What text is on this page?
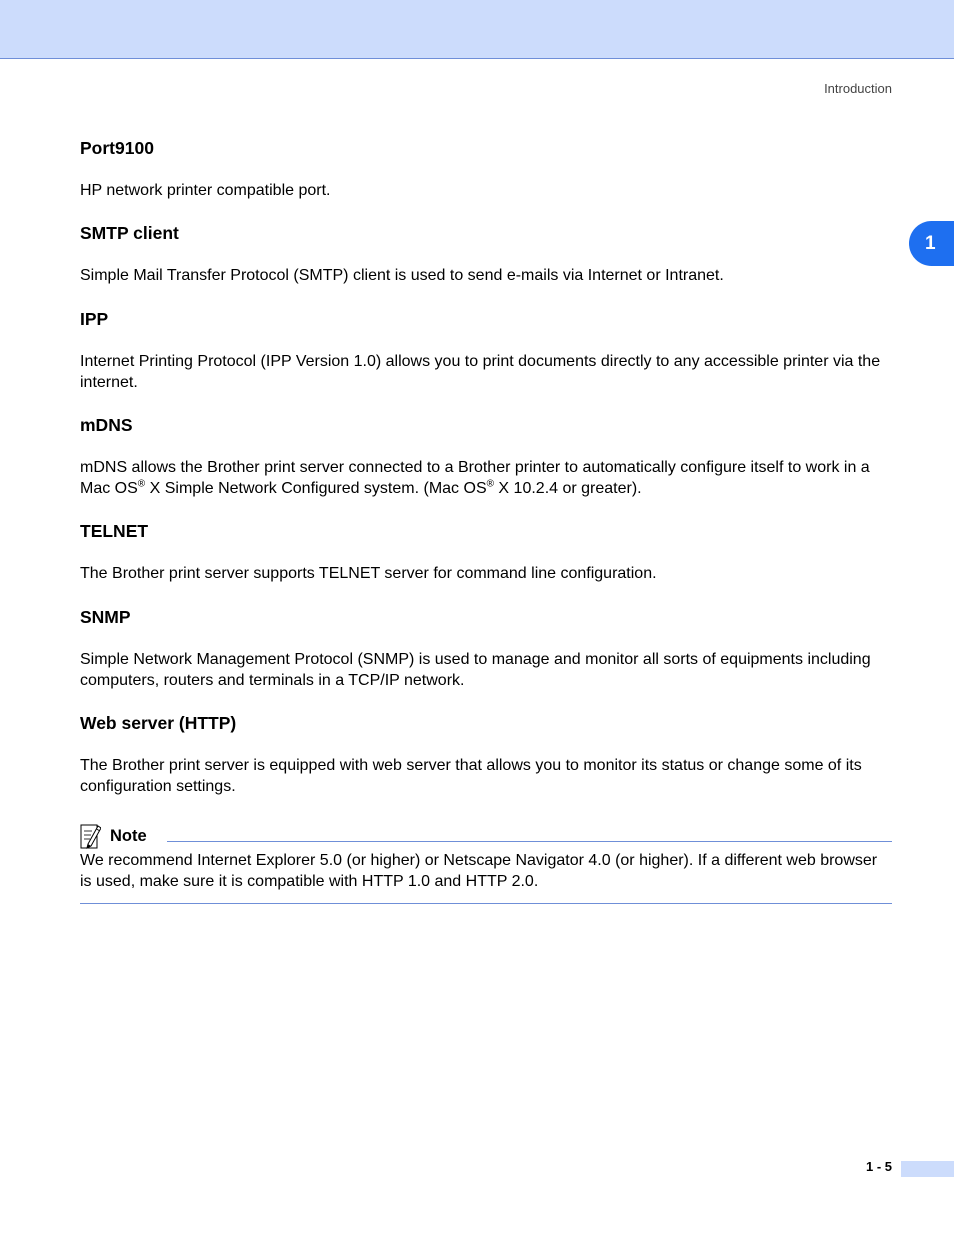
Introduction
1
Port9100

HP network printer compatible port.

SMTP client

Simple Mail Transfer Protocol (SMTP) client is used to send e-mails via Internet or Intranet.

IPP

Internet Printing Protocol (IPP Version 1.0) allows you to print documents directly to any accessible printer via the internet.

mDNS

mDNS allows the Brother print server connected to a Brother printer to automatically configure itself to work in a Mac OS® X Simple Network Configured system. (Mac OS® X 10.2.4 or greater).

TELNET

The Brother print server supports TELNET server for command line configuration.

SNMP

Simple Network Management Protocol (SNMP) is used to manage and monitor all sorts of equipments including computers, routers and terminals in a TCP/IP network.

Web server (HTTP)

The Brother print server is equipped with web server that allows you to monitor its status or change some of its configuration settings.

Note

We recommend Internet Explorer 5.0 (or higher) or Netscape Navigator 4.0 (or higher). If a different web browser is used, make sure it is compatible with HTTP 1.0 and HTTP 2.0.

1 - 5
